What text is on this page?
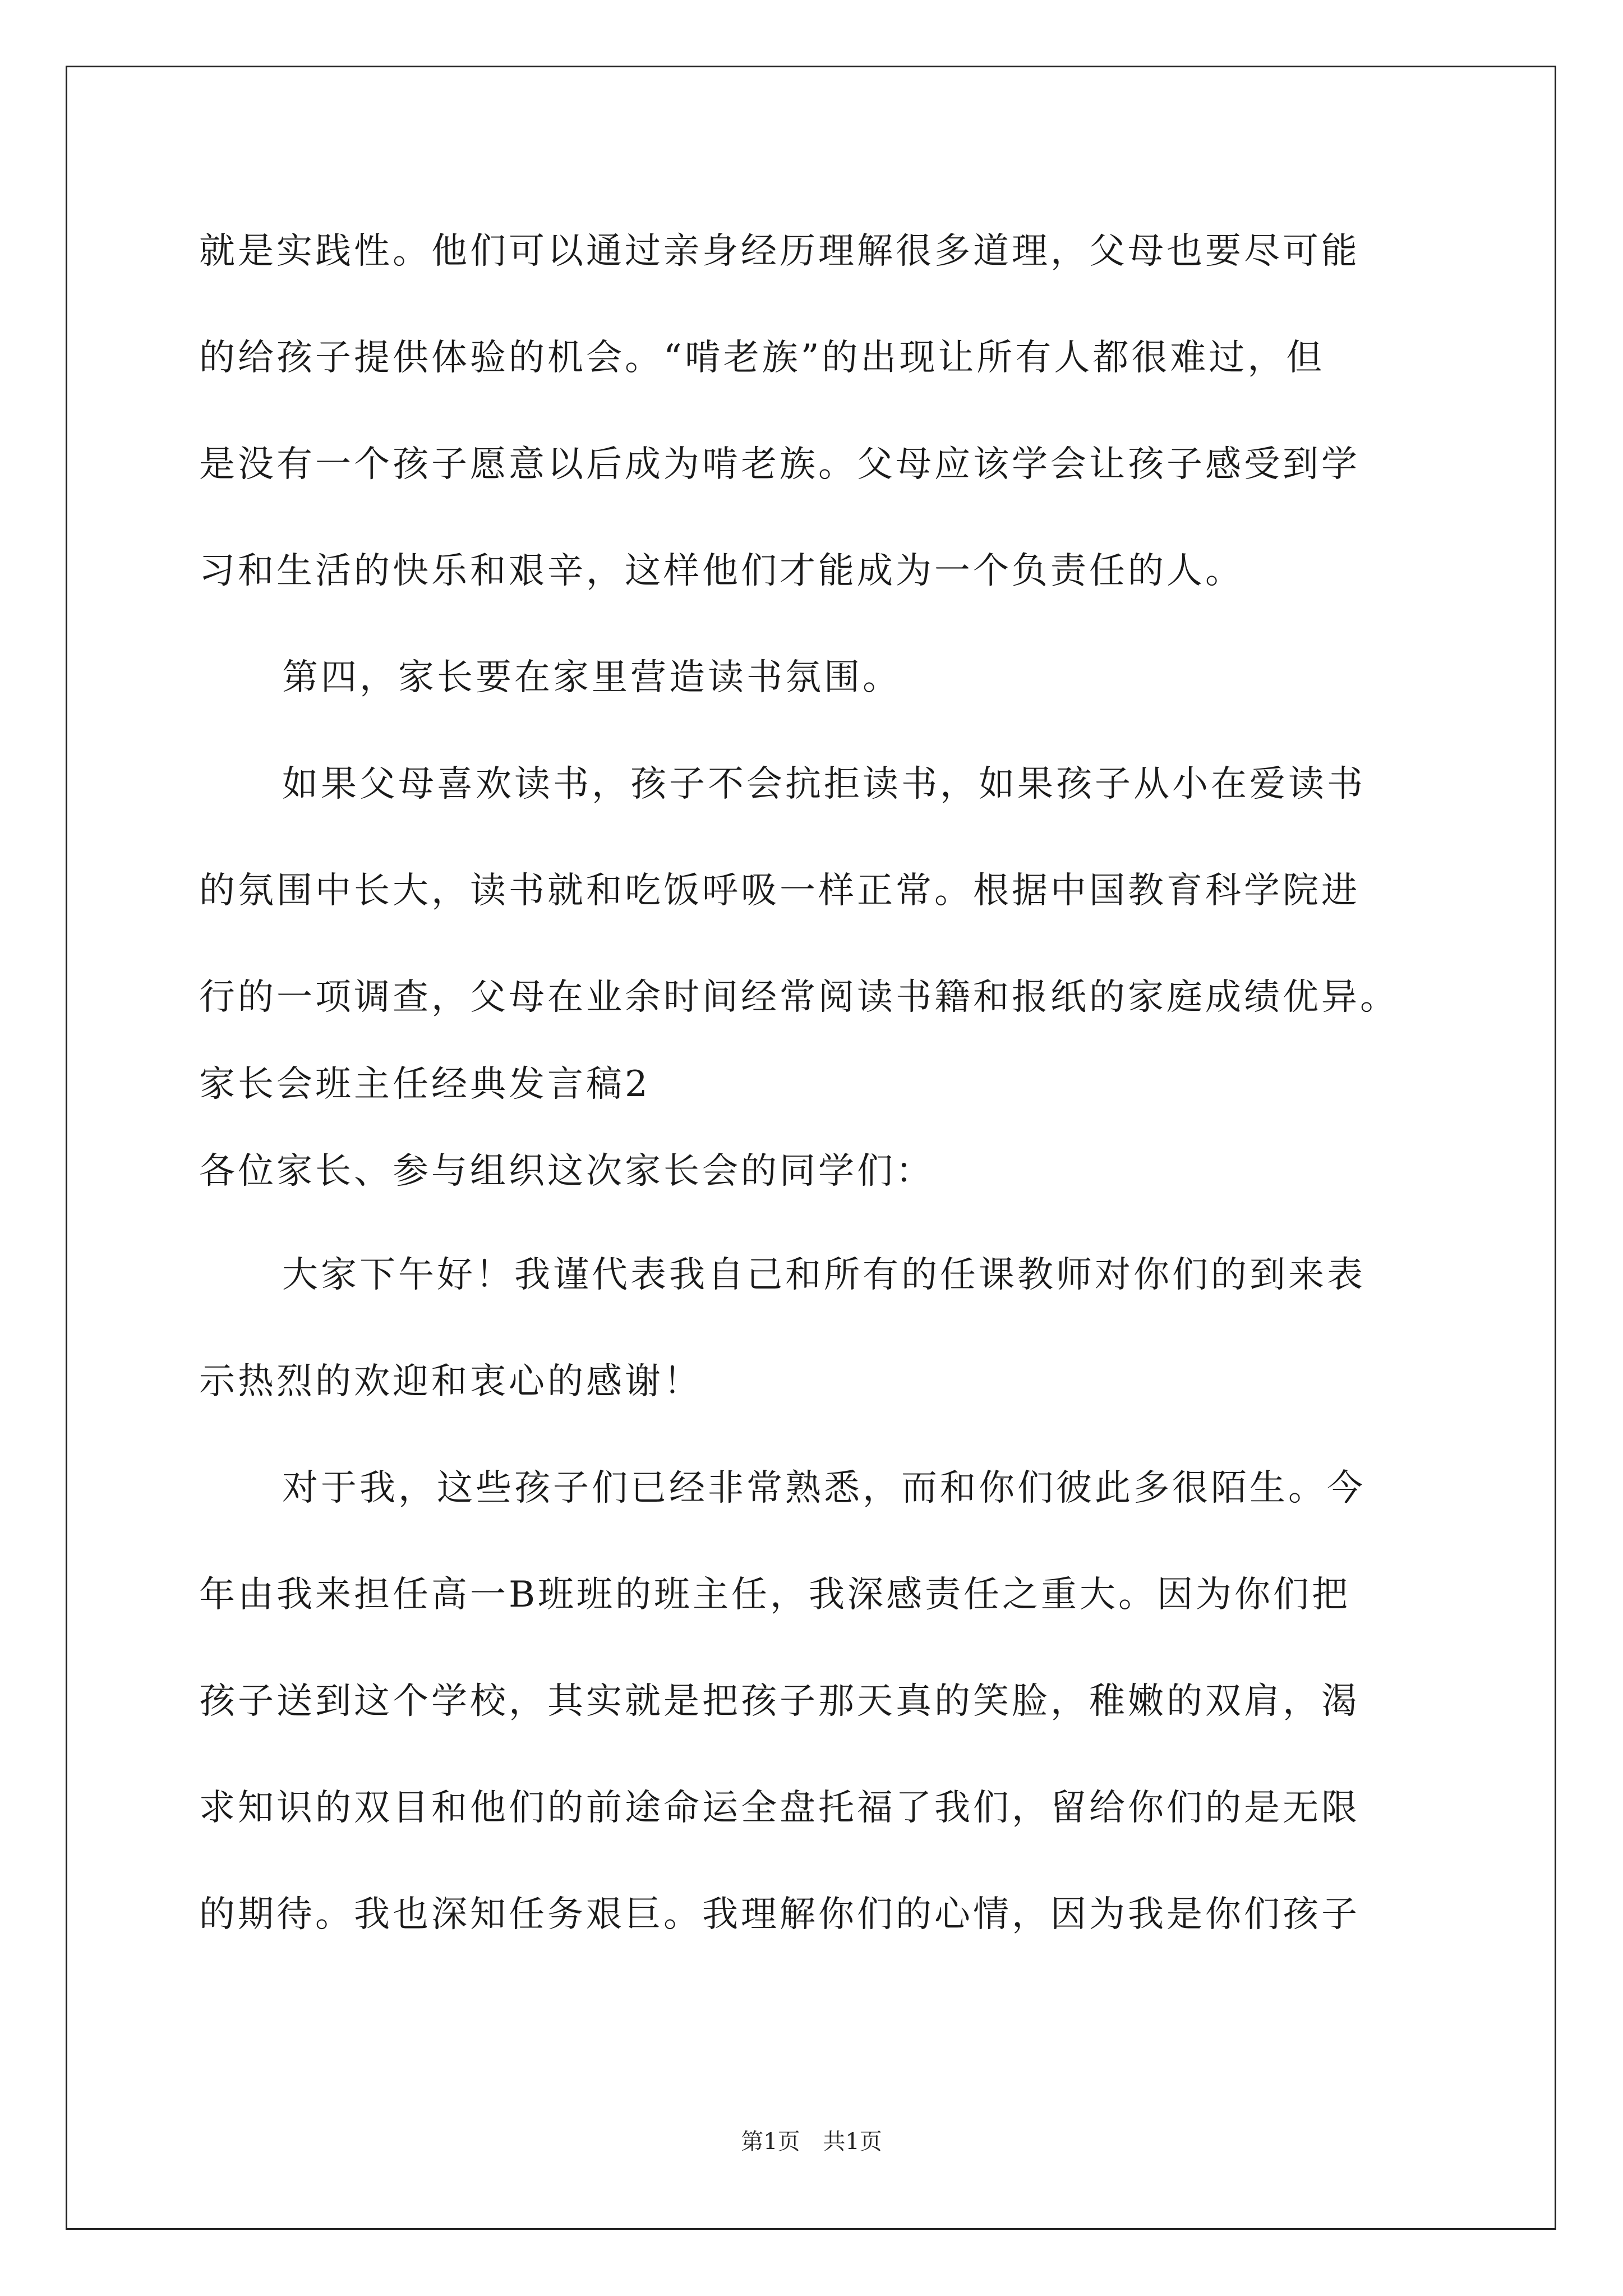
就是实践性。他们可以通过亲身经历理解很多道理，父母也要尽可能
的给孩子提供体验的机会。“啃老族”的出现让所有人都很难过，但
是没有一个孩子愿意以后成为啃老族。父母应该学会让孩子感受到学
习和生活的快乐和艰辛，这样他们才能成为一个负责任的人。
第四，家长要在家里营造读书氛围。
如果父母喜欢读书，孩子不会抗拒读书，如果孩子从小在爱读书
的氛围中长大，读书就和吃饭呼吸一样正常。根据中国教育科学院进
行的一项调查，父母在业余时间经常阅读书籍和报纸的家庭成绩优异。
家长会班主任经典发言稿2
各位家长、参与组织这次家长会的同学们：
大家下午好！我谨代表我自己和所有的任课教师对你们的到来表
示热烈的欢迎和衷心的感谢！
对于我，这些孩子们已经非常熟悉，而和你们彼此多很陌生。今
年由我来担任高一B班班的班主任，我深感责任之重大。因为你们把
孩子送到这个学校，其实就是把孩子那天真的笑脸，稚嫩的双肩，渴
求知识的双目和他们的前途命运全盘托福了我们，留给你们的是无限
的期待。我也深知任务艰巨。我理解你们的心情，因为我是你们孩子
第1页 共1页
